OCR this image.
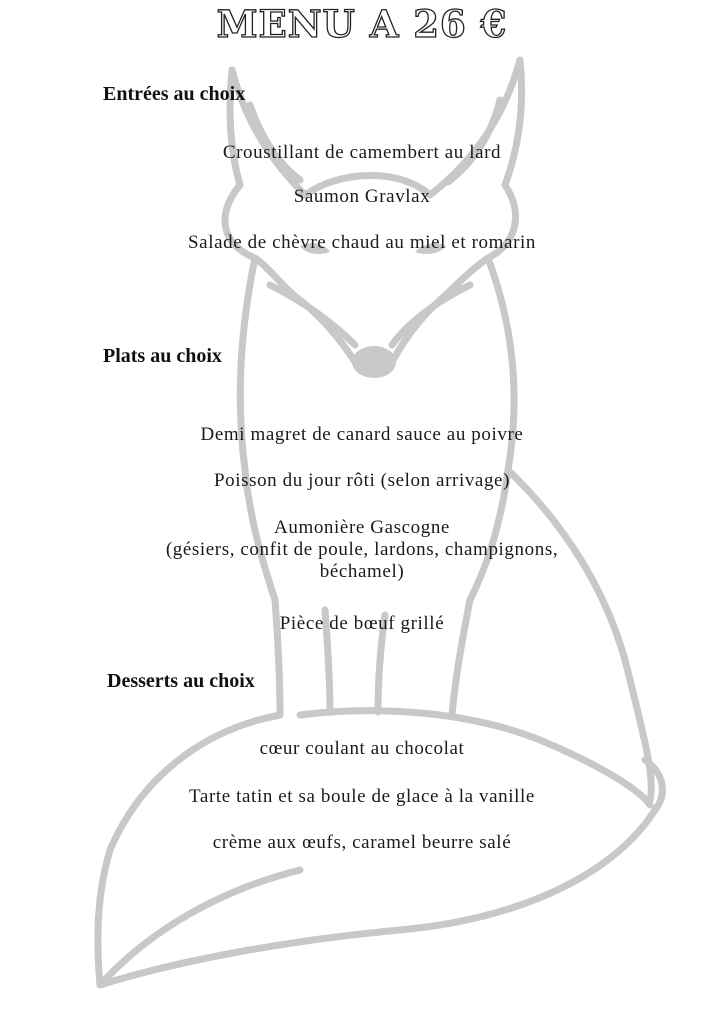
MENU A 26 €
Entrées au choix
Croustillant de camembert au lard
Saumon Gravlax
Salade de chèvre chaud au miel et romarin
Plats au choix
Demi magret de canard sauce au poivre
Poisson du jour rôti (selon arrivage)
Aumonière Gascogne
(gésiers, confit de poule, lardons, champignons,
béchamel)
Pièce de bœuf grillé
Desserts au choix
cœur coulant au chocolat
Tarte tatin et sa boule de glace à la vanille
crème aux œufs, caramel beurre salé
